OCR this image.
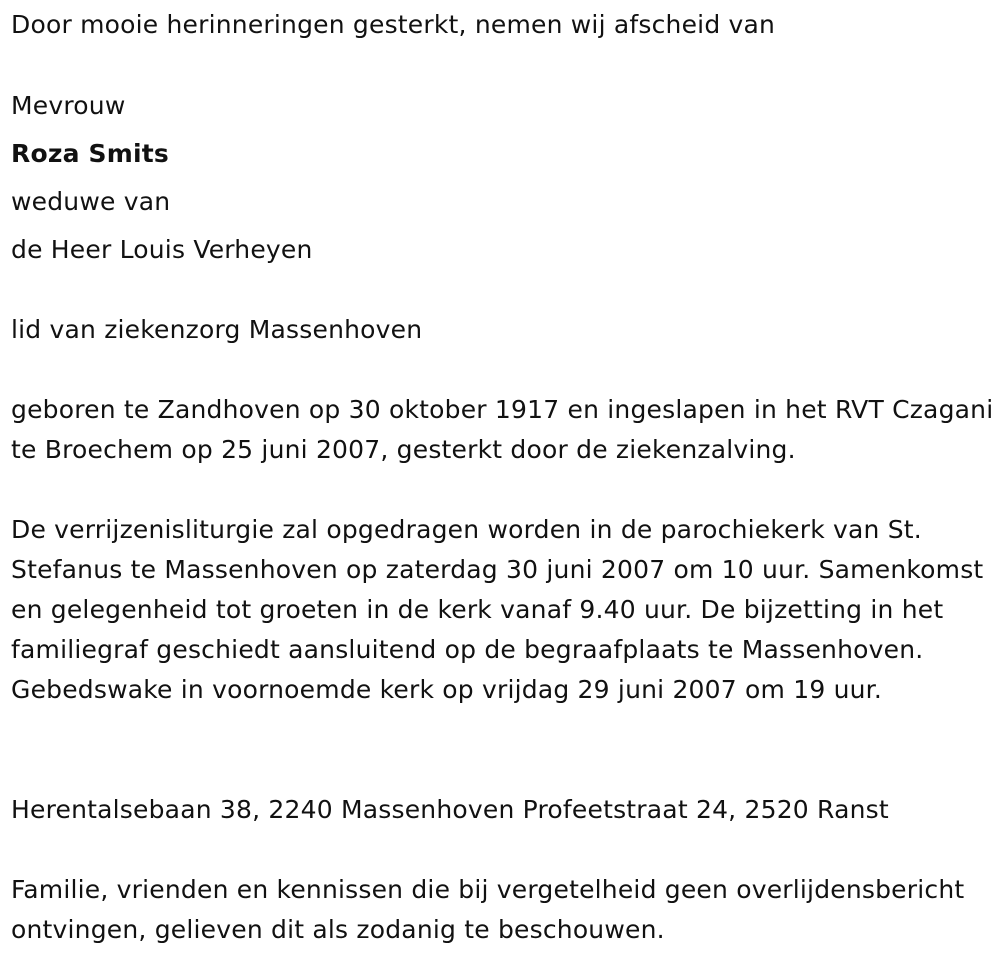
Door mooie herinneringen gesterkt, nemen wij afscheid van
Mevrouw
Roza Smits
weduwe van
de Heer Louis Verheyen
lid van ziekenzorg Massenhoven
geboren te Zandhoven op 30 oktober 1917 en ingeslapen in het RVT Czagani te Broechem op 25 juni 2007, gesterkt door de ziekenzalving.
De verrijzenisliturgie zal opgedragen worden in de parochiekerk van St. Stefanus te Massenhoven op zaterdag 30 juni 2007 om 10 uur. Samenkomst en gelegenheid tot groeten in de kerk vanaf 9.40 uur. De bijzetting in het familiegraf geschiedt aansluitend op de begraafplaats te Massenhoven. Gebedswake in voornoemde kerk op vrijdag 29 juni 2007 om 19 uur.
Herentalsebaan 38, 2240 Massenhoven Profeetstraat 24, 2520 Ranst
Familie, vrienden en kennissen die bij vergetelheid geen overlijdensbericht ontvingen, gelieven dit als zodanig te beschouwen.
